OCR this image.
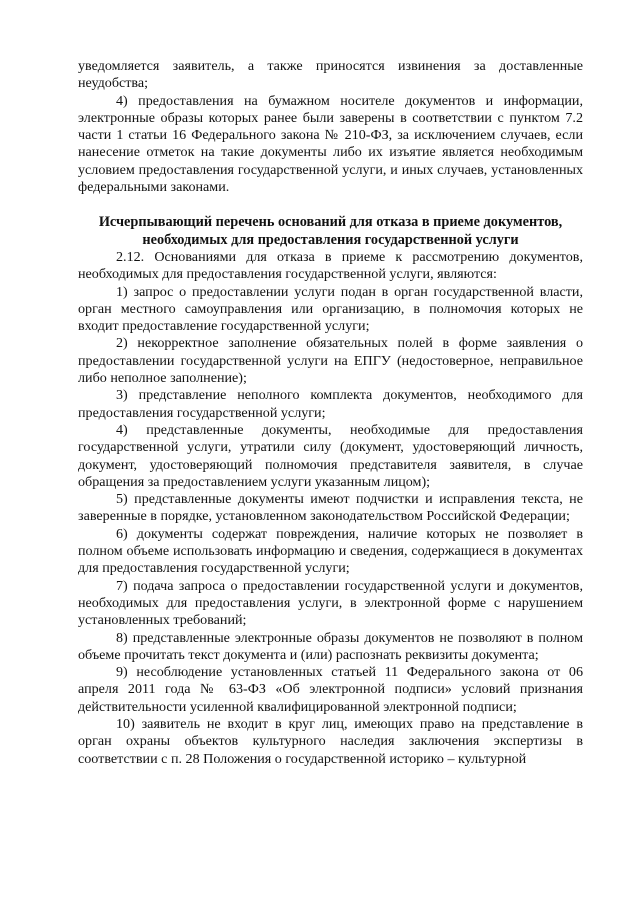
уведомляется заявитель, а также приносятся извинения за доставленные неудобства;

4) предоставления на бумажном носителе документов и информации, электронные образы которых ранее были заверены в соответствии с пунктом 7.2 части 1 статьи 16 Федерального закона № 210-ФЗ, за исключением случаев, если нанесение отметок на такие документы либо их изъятие является необходимым условием предоставления государственной услуги, и иных случаев, установленных федеральными законами.

Исчерпывающий перечень оснований для отказа в приеме документов, необходимых для предоставления государственной услуги

2.12. Основаниями для отказа в приеме к рассмотрению документов, необходимых для предоставления государственной услуги, являются:

1) запрос о предоставлении услуги подан в орган государственной власти, орган местного самоуправления или организацию, в полномочия которых не входит предоставление государственной услуги;

2) некорректное заполнение обязательных полей в форме заявления о предоставлении государственной услуги на ЕПГУ (недостоверное, неправильное либо неполное заполнение);

3) представление неполного комплекта документов, необходимого для предоставления государственной услуги;

4) представленные документы, необходимые для предоставления государственной услуги, утратили силу (документ, удостоверяющий личность, документ, удостоверяющий полномочия представителя заявителя, в случае обращения за предоставлением услуги указанным лицом);

5) представленные документы имеют подчистки и исправления текста, не заверенные в порядке, установленном законодательством Российской Федерации;

6) документы содержат повреждения, наличие которых не позволяет в полном объеме использовать информацию и сведения, содержащиеся в документах для предоставления государственной услуги;

7) подача запроса о предоставлении государственной услуги и документов, необходимых для предоставления услуги, в электронной форме с нарушением установленных требований;

8) представленные электронные образы документов не позволяют в полном объеме прочитать текст документа и (или) распознать реквизиты документа;

9) несоблюдение установленных статьей 11 Федерального закона от 06 апреля 2011 года № 63-ФЗ «Об электронной подписи» условий признания действительности усиленной квалифицированной электронной подписи;

10) заявитель не входит в круг лиц, имеющих право на представление в орган охраны объектов культурного наследия заключения экспертизы в соответствии с п. 28 Положения о государственной историко – культурной
